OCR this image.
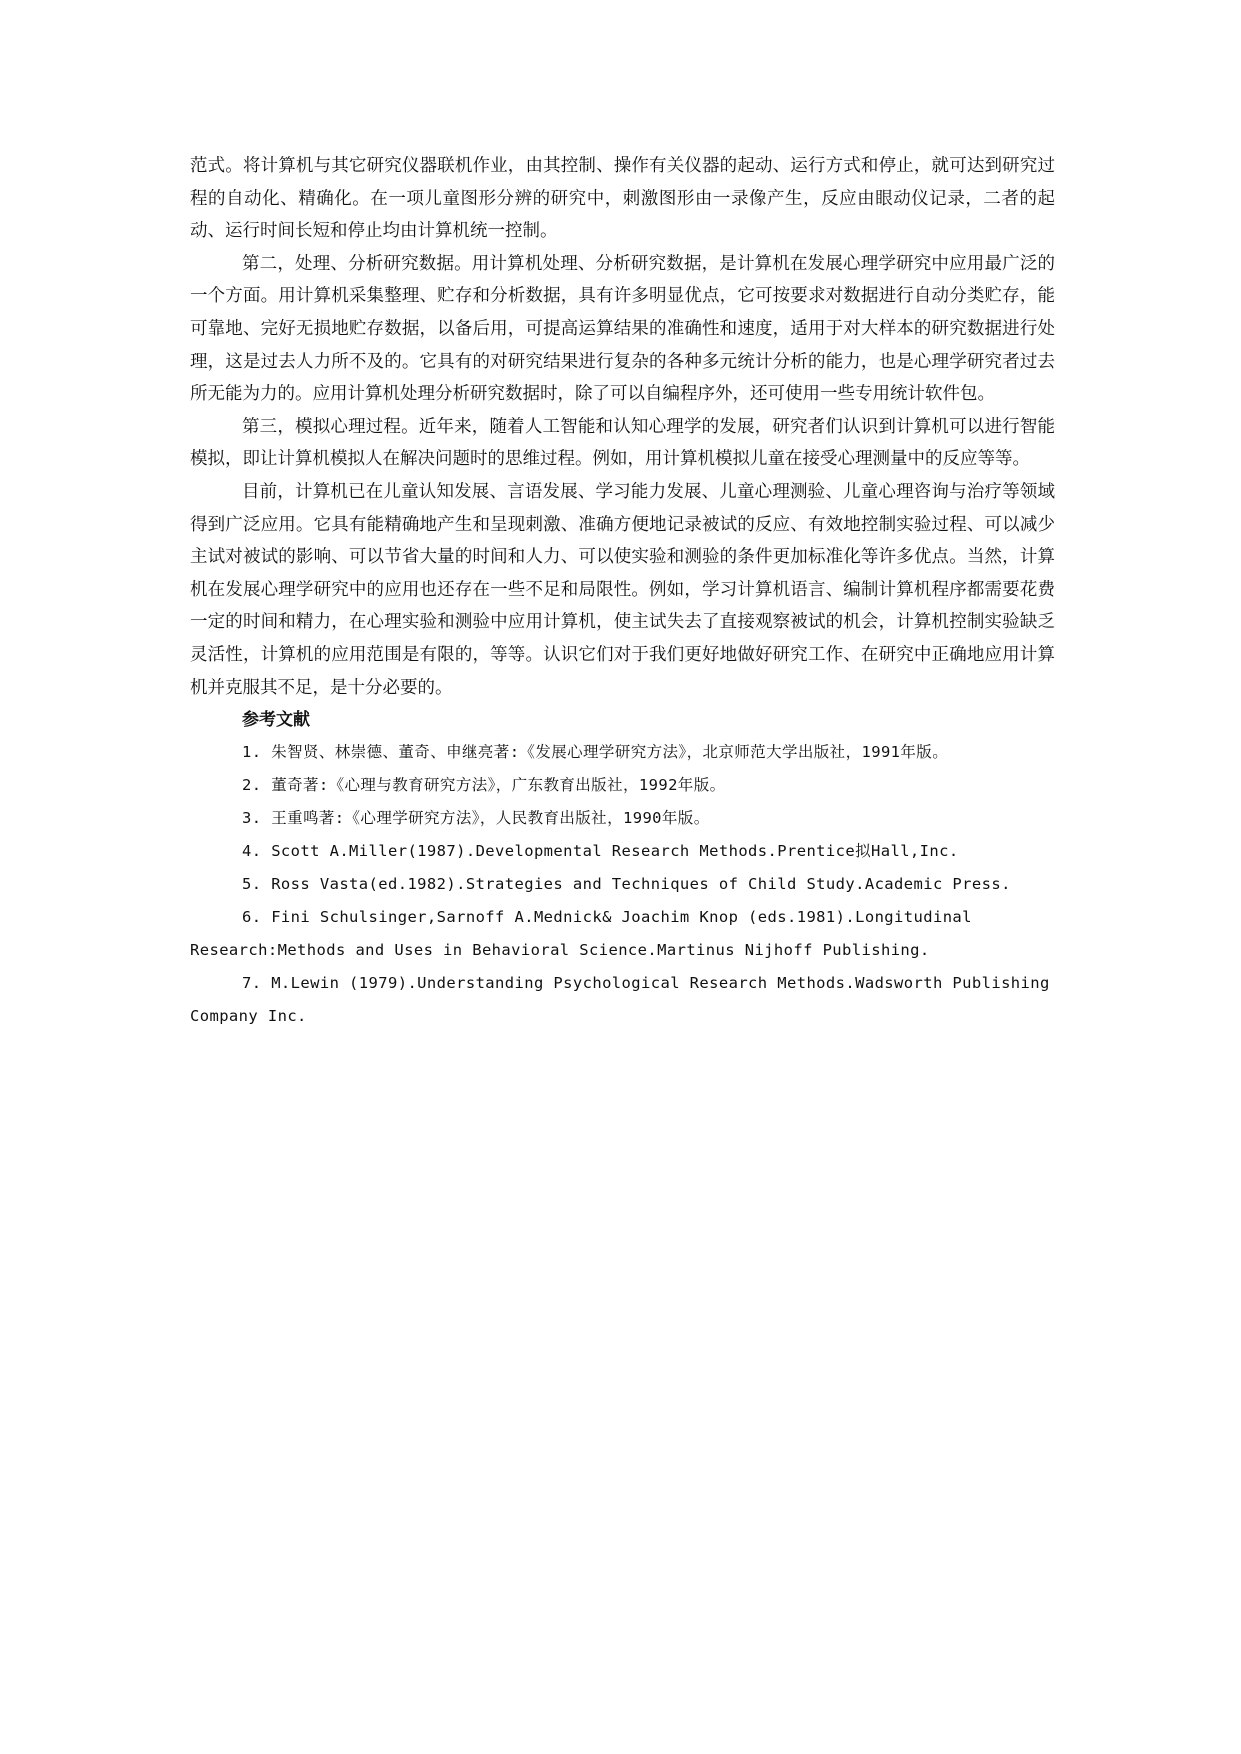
范式。将计算机与其它研究仪器联机作业，由其控制、操作有关仪器的起动、运行方式和停止，就可达到研究过程的自动化、精确化。在一项儿童图形分辨的研究中，刺激图形由一录像产生，反应由眼动仪记录，二者的起动、运行时间长短和停止均由计算机统一控制。

第二，处理、分析研究数据。用计算机处理、分析研究数据，是计算机在发展心理学研究中应用最广泛的一个方面。用计算机采集整理、贮存和分析数据，具有许多明显优点，它可按要求对数据进行自动分类贮存，能可靠地、完好无损地贮存数据，以备后用，可提高运算结果的准确性和速度，适用于对大样本的研究数据进行处理，这是过去人力所不及的。它具有的对研究结果进行复杂的各种多元统计分析的能力，也是心理学研究者过去所无能为力的。应用计算机处理分析研究数据时，除了可以自编程序外，还可使用一些专用统计软件包。

第三，模拟心理过程。近年来，随着人工智能和认知心理学的发展，研究者们认识到计算机可以进行智能模拟，即让计算机模拟人在解决问题时的思维过程。例如，用计算机模拟儿童在接受心理测量中的反应等等。

目前，计算机已在儿童认知发展、言语发展、学习能力发展、儿童心理测验、儿童心理咨询与治疗等领域得到广泛应用。它具有能精确地产生和呈现刺激、准确方便地记录被试的反应、有效地控制实验过程、可以减少主试对被试的影响、可以节省大量的时间和人力、可以使实验和测验的条件更加标准化等许多优点。当然，计算机在发展心理学研究中的应用也还存在一些不足和局限性。例如，学习计算机语言、编制计算机程序都需要花费一定的时间和精力，在心理实验和测验中应用计算机，使主试失去了直接观察被试的机会，计算机控制实验缺乏灵活性，计算机的应用范围是有限的，等等。认识它们对于我们更好地做好研究工作、在研究中正确地应用计算机并克服其不足，是十分必要的。

参考文献
1. 朱智贤、林崇德、董奇、申继亮著:《发展心理学研究方法》，北京师范大学出版社，1991年版。
2. 董奇著:《心理与教育研究方法》，广东教育出版社，1992年版。
3. 王重鸣著:《心理学研究方法》，人民教育出版社，1990年版。
4. Scott A.Miller(1987).Developmental Research Methods.Prentice拟Hall,Inc.
5. Ross Vasta(ed.1982).Strategies and Techniques of Child Study.Academic Press.
6. Fini Schulsinger,Sarnoff A.Mednick& Joachim Knop (eds.1981).Longitudinal Research:Methods and Uses in Behavioral Science.Martinus Nijhoff Publishing.
7. M.Lewin (1979).Understanding Psychological Research Methods.Wadsworth Publishing Company Inc.
